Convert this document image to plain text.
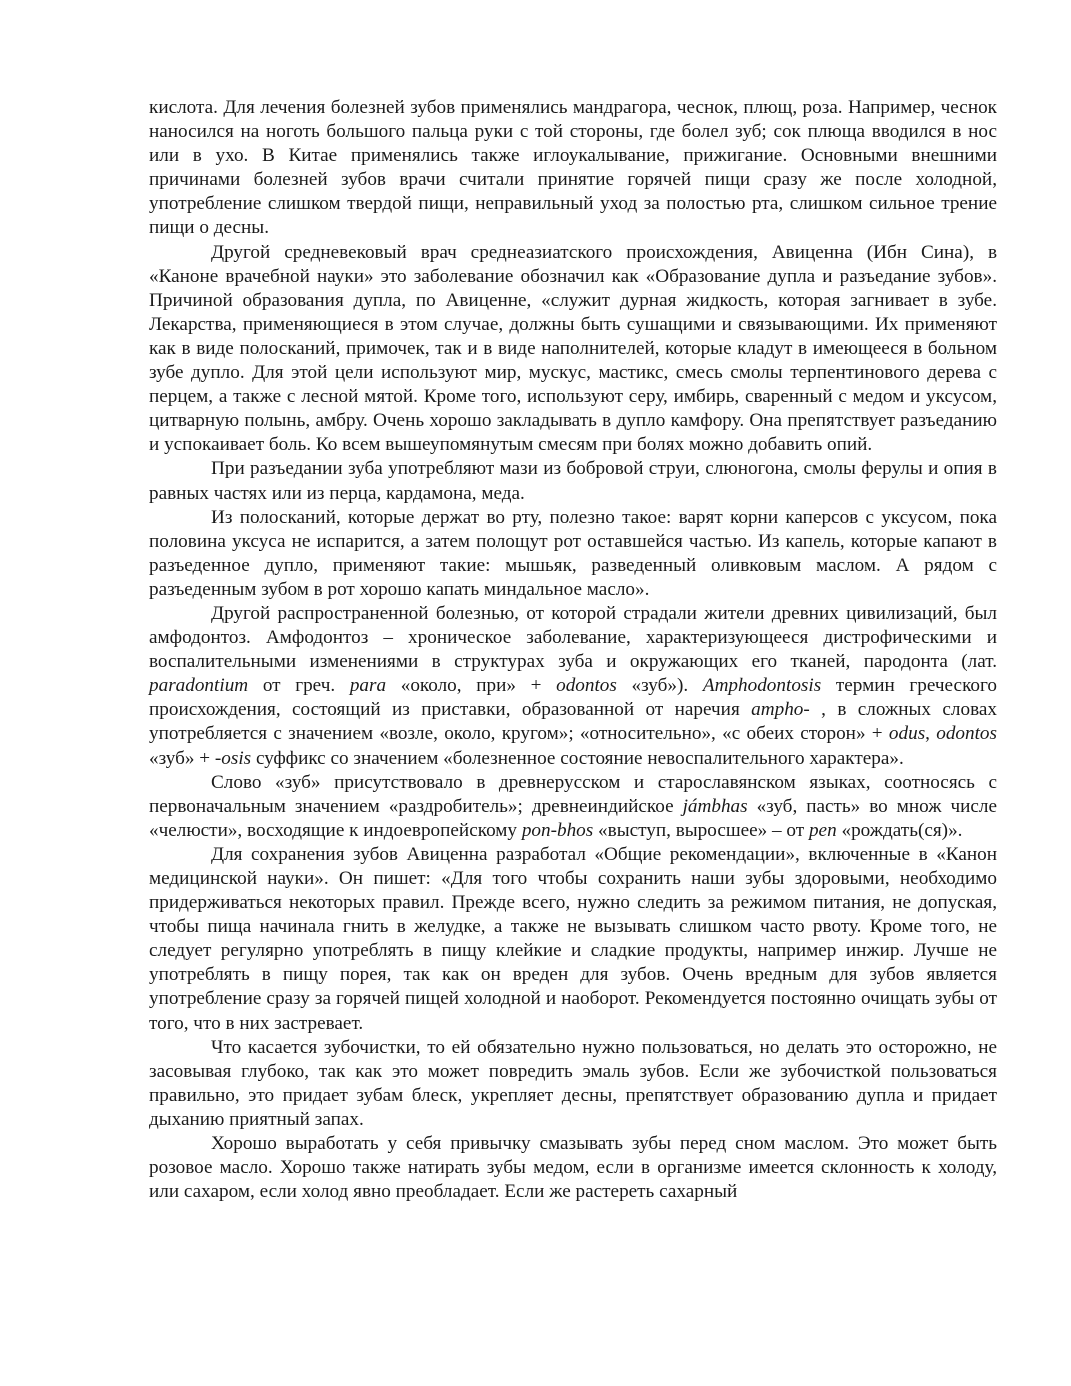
кислота. Для лечения болезней зубов применялись мандрагора, чеснок, плющ, роза. Например, чеснок наносился на ноготь большого пальца руки с той стороны, где болел зуб; сок плюща вводился в нос или в ухо. В Китае применялись также иглоукалывание, прижигание. Основными внешними причинами болезней зубов врачи считали принятие горячей пищи сразу же после холодной, употребление слишком твердой пищи, неправильный уход за полостью рта, слишком сильное трение пищи о десны.

Другой средневековый врач среднеазиатского происхождения, Авиценна (Ибн Сина), в «Каноне врачебной науки» это заболевание обозначил как «Образование дупла и разъедание зубов». Причиной образования дупла, по Авиценне, «служит дурная жидкость, которая загнивает в зубе. Лекарства, применяющиеся в этом случае, должны быть сушащими и связывающими. Их применяют как в виде полосканий, примочек, так и в виде наполнителей, которые кладут в имеющееся в больном зубе дупло. Для этой цели используют мир, мускус, мастикс, смесь смолы терпентинового дерева с перцем, а также с лесной мятой. Кроме того, используют серу, имбирь, сваренный с медом и уксусом, цитварную полынь, амбру. Очень хорошо закладывать в дупло камфору. Она препятствует разъеданию и успокаивает боль. Ко всем вышеупомянутым смесям при болях можно добавить опий.

При разъедании зуба употребляют мази из бобровой струи, слюногона, смолы ферулы и опия в равных частях или из перца, кардамона, меда.

Из полосканий, которые держат во рту, полезно такое: варят корни каперсов с уксусом, пока половина уксуса не испарится, а затем полощут рот оставшейся частью. Из капель, которые капают в разъеденное дупло, применяют такие: мышьяк, разведенный оливковым маслом. А рядом с разъеденным зубом в рот хорошо капать миндальное масло».

Другой распространенной болезнью, от которой страдали жители древних цивилизаций, был амфодонтоз. Амфодонтоз – хроническое заболевание, характеризующееся дистрофическими и воспалительными изменениями в структурах зуба и окружающих его тканей, пародонта (лат. paradontium от греч. para «около, при» + odontos «зуб»). Amphodontosis термин греческого происхождения, состоящий из приставки, образованной от наречия ampho- , в сложных словах употребляется с значением «возле, около, кругом»; «относительно», «с обеих сторон» + odus, odontos «зуб» + -osis суффикс со значением «болезненное состояние невоспалительного характера».

Слово «зуб» присутствовало в древнерусском и старославянском языках, соотносясь с первоначальным значением «раздробитель»; древнеиндийское jámbhas «зуб, пасть» во множ числе «челюсти», восходящие к индоевропейскому pon-bhos «выступ, выросшее» – от pen «рождать(ся)».

Для сохранения зубов Авиценна разработал «Общие рекомендации», включенные в «Канон медицинской науки». Он пишет: «Для того чтобы сохранить наши зубы здоровыми, необходимо придерживаться некоторых правил. Прежде всего, нужно следить за режимом питания, не допуская, чтобы пища начинала гнить в желудке, а также не вызывать слишком часто рвоту. Кроме того, не следует регулярно употреблять в пищу клейкие и сладкие продукты, например инжир. Лучше не употреблять в пищу порея, так как он вреден для зубов. Очень вредным для зубов является употребление сразу за горячей пищей холодной и наоборот. Рекомендуется постоянно очищать зубы от того, что в них застревает.

Что касается зубочистки, то ей обязательно нужно пользоваться, но делать это осторожно, не засовывая глубоко, так как это может повредить эмаль зубов. Если же зубочисткой пользоваться правильно, это придает зубам блеск, укрепляет десны, препятствует образованию дупла и придает дыханию приятный запах.

Хорошо выработать у себя привычку смазывать зубы перед сном маслом. Это может быть розовое масло. Хорошо также натирать зубы медом, если в организме имеется склонность к холоду, или сахаром, если холод явно преобладает. Если же растереть сахарный
